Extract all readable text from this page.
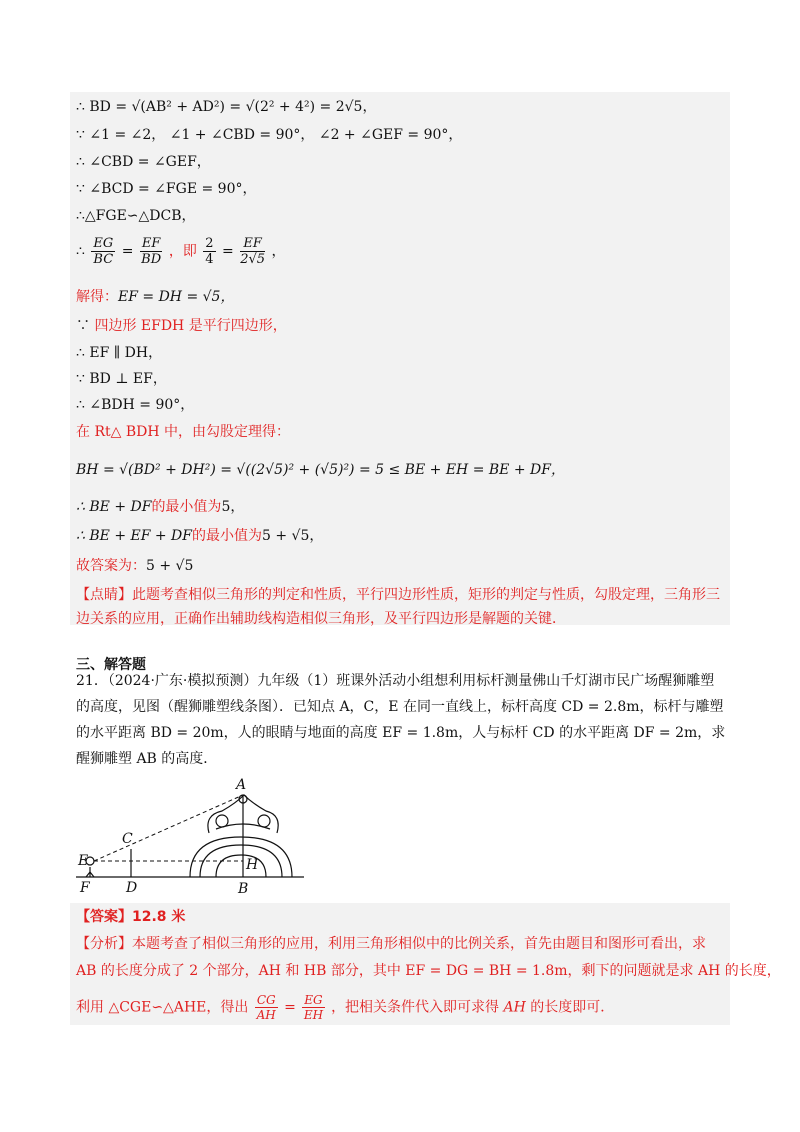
∴ BD = √(AB² + AD²) = √(2² + 4²) = 2√5，
∵ ∠1 = ∠2， ∠1 + ∠CBD = 90°， ∠2 + ∠GEF = 90°，
∴ ∠CBD = ∠GEF，
∵ ∠BCD = ∠FGE = 90°，
∴△FGE∽△DCB，
∴ $\frac{EG}{BC} = \frac{EF}{BD}$ ，即 $\frac{2}{4} = \frac{EF}{2√5}$ ，
解得：EF = DH = √5，
∵ 四边形 EFDH 是平行四边形，
∴ EF ∥ DH，
∵ BD ⊥ EF，
∴ ∠BDH = 90°，
在 Rt△ BDH 中，由勾股定理得：
BH = √(BD² + DH²) = √((2√5)² + (√5)²) = 5 ≤ BE + EH = BE + DF，
∴ BE + DF的最小值为5，
∴ BE + EF + DF的最小值为5 + √5，
故答案为：5 + √5
【点睛】此题考查相似三角形的判定和性质，平行四边形性质，矩形的判定与性质，勾股定理，三角形三边关系的应用，正确作出辅助线构造相似三角形，及平行四边形是解题的关键．
三、解答题
21．（2024·广东·模拟预测）九年级（1）班课外活动小组想利用标杆测量佛山千灯湖市民广场醒狮雕塑的高度，见图（醒狮雕塑线条图）．已知点 A，C，E 在同一直线上，标杆高度 CD = 2.8m，标杆与雕塑的水平距离 BD = 20m，人的眼睛与地面的高度 EF = 1.8m，人与标杆 CD 的水平距离 DF = 2m，求醒狮雕塑 AB 的高度．
A
C
E	H
F	D	B
【答案】12.8 米
【分析】本题考查了相似三角形的应用，利用三角形相似中的比例关系，首先由题目和图形可看出，求
AB 的长度分成了 2 个部分，AH 和 HB 部分，其中 EF = DG = BH = 1.8m，剩下的问题就是求 AH 的长度，
利用 △CGE∽△AHE，得出 $\frac{CG}{AH} = \frac{EG}{EH}$ ，把相关条件代入即可求得 AH 的长度即可．
